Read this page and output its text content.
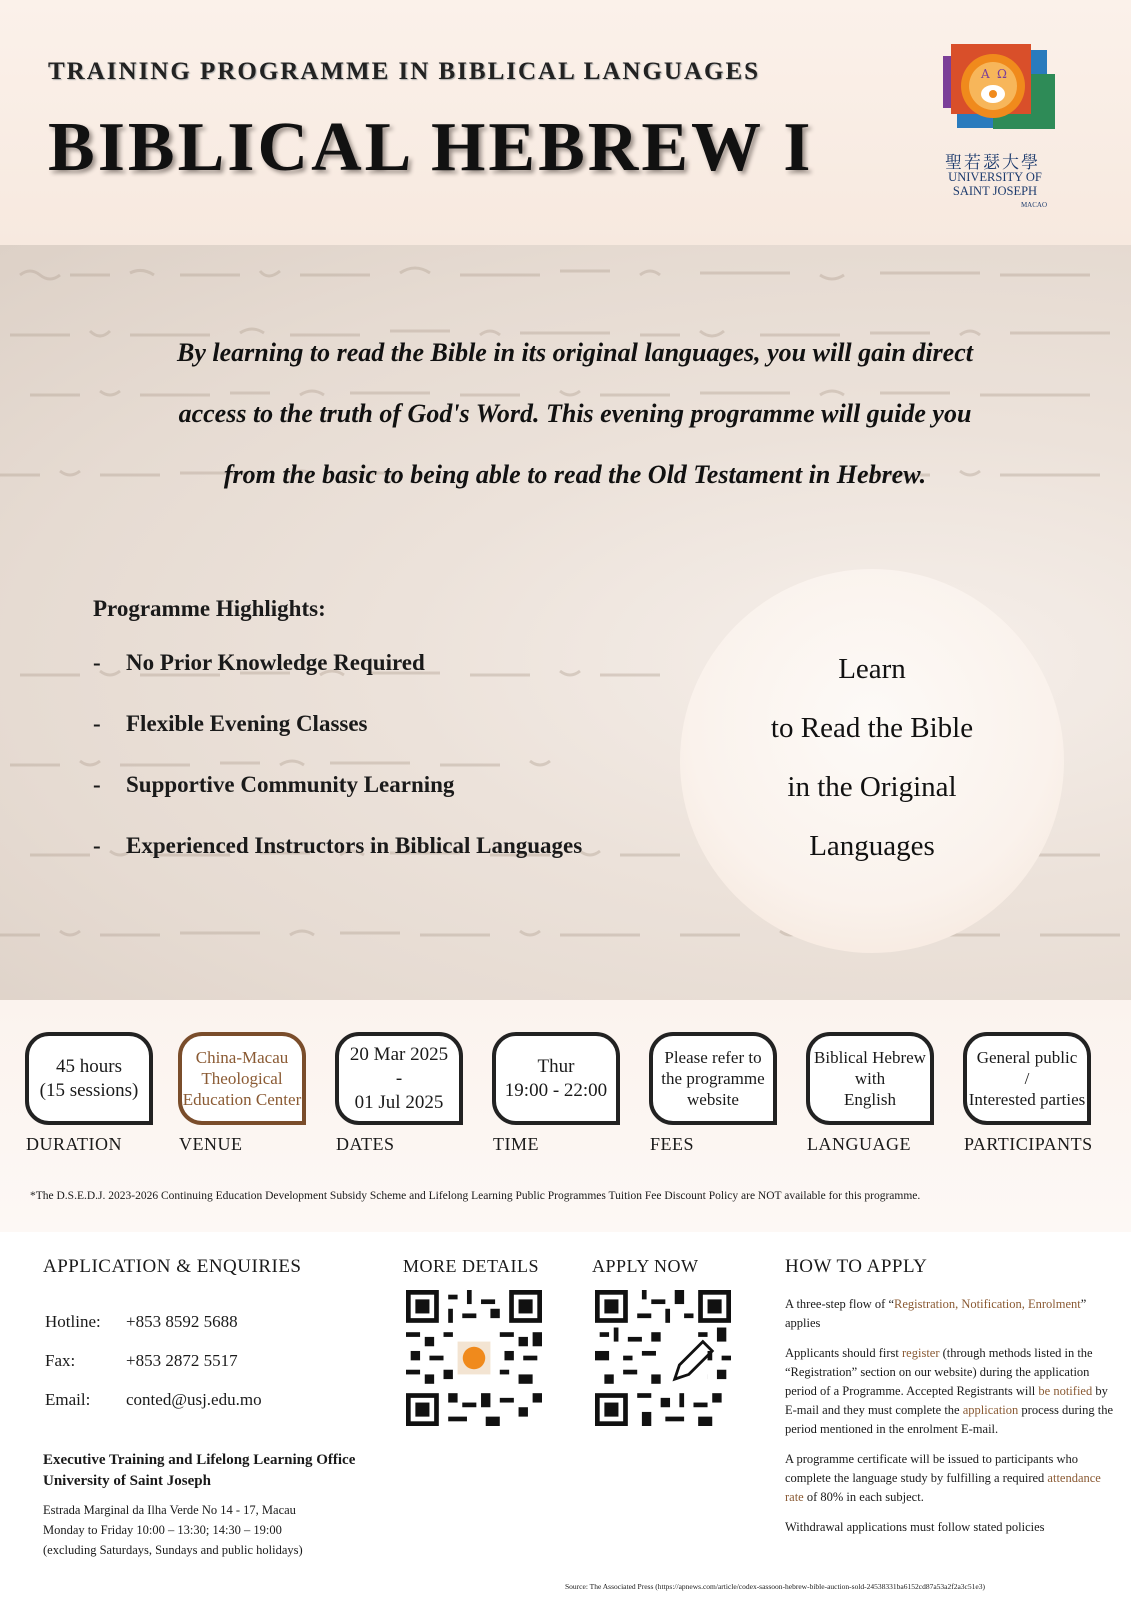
TRAINING PROGRAMME IN BIBLICAL LANGUAGES
BIBLICAL HEBREW I
A Ω
聖若瑟大學
UNIVERSITY OF
SAINT JOSEPH
MACAO
By learning to read the Bible in its original languages, you will gain direct
access to the truth of God's Word. This evening programme will guide you
from the basic to being able to read the Old Testament in Hebrew.
Programme Highlights:
-	No Prior Knowledge Required
-	Flexible Evening Classes
-	Supportive Community Learning
-	Experienced Instructors in Biblical Languages
Learn
to Read the Bible
in the Original
Languages
45 hours
(15 sessions)
DURATION
China-Macau
Theological
Education Center
VENUE
20 Mar 2025
-
01 Jul 2025
DATES
Thur
19:00 - 22:00
TIME
Please refer to
the programme
website
FEES
Biblical Hebrew
with
English
LANGUAGE
General public
/
Interested parties
PARTICIPANTS
*The D.S.E.D.J. 2023-2026 Continuing Education Development Subsidy Scheme and Lifelong Learning Public Programmes Tuition Fee Discount Policy are NOT available for this programme.
APPLICATION & ENQUIRIES
Hotline: +853 8592 5688
Fax:	+853 2872 5517
Email: conted@usj.edu.mo
Executive Training and Lifelong Learning Office
University of Saint Joseph
Estrada Marginal da Ilha Verde No 14 - 17, Macau
Monday to Friday 10:00 – 13:30; 14:30 – 19:00
(excluding Saturdays, Sundays and public holidays)
MORE DETAILS	APPLY NOW	HOW TO APPLY

A three-step flow of “Registration, Notification, Enrolment” applies

Applicants should first register (through methods listed in the “Registration” section on our website) during the application period of a Programme. Accepted Registrants will be notified by E-mail and they must complete the application process during the period mentioned in the enrolment E-mail.

A programme certificate will be issued to participants who complete the language study by fulfilling a required attendance rate of 80% in each subject.

Withdrawal applications must follow stated policies

Source: The Associated Press (https://apnews.com/article/codex-sassoon-hebrew-bible-auction-sold-24538331ba6152cd87a53a2f2a3c51e3)
